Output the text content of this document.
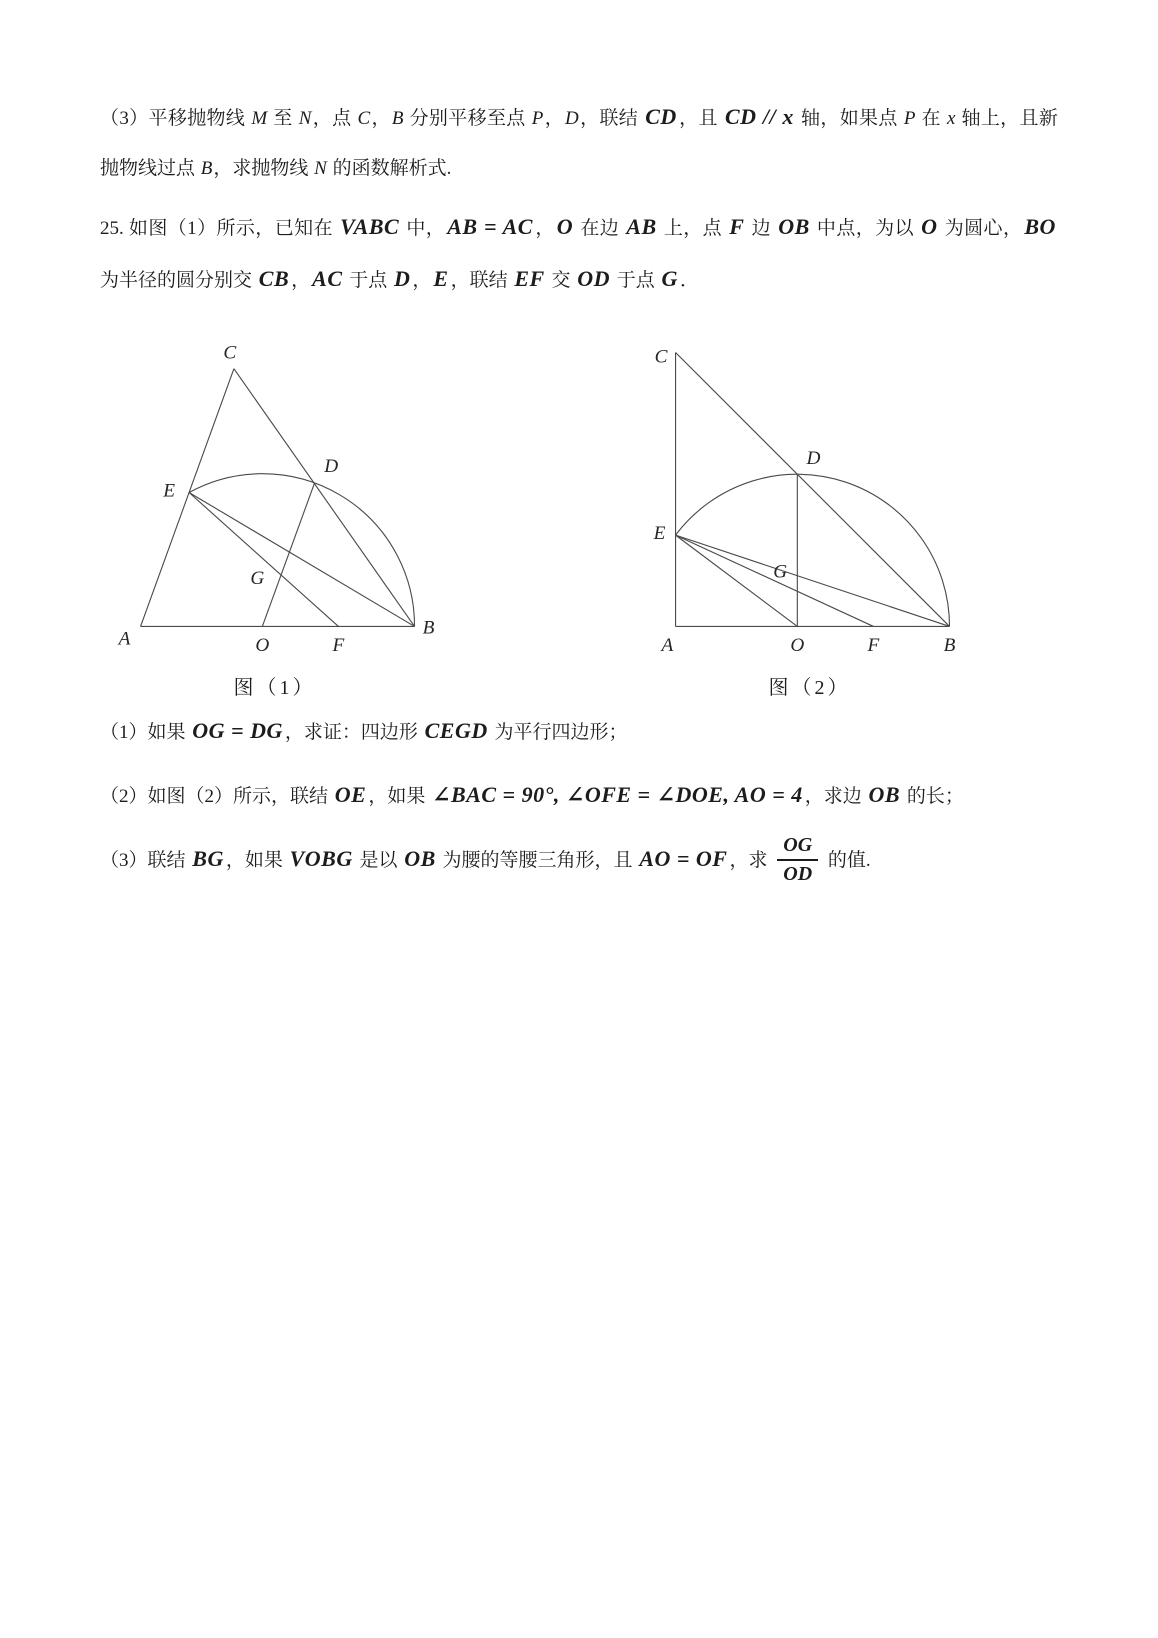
（3）平移抛物线 M 至 N，点 C，B 分别平移至点 P，D，联结 CD ，且 CD // x 轴，如果点 P 在 x 轴上，且新抛物线过点 B，求抛物线 N 的函数解析式.

25. 如图（1）所示，已知在 VABC 中，AB = AC ，O 在边 AB 上，点 F 边 OB 中点，为以 O 为圆心，BO 为半径的圆分别交 CB ，AC 于点 D ，E ，联结 EF 交 OD 于点 G ．

C
D
E
G
A	O	F
B
图（1）
C
D
E
G
A	O	F	B
图（2）

（1）如果 OG = DG ，求证：四边形 CEGD 为平行四边形；

（2）如图（2）所示，联结 OE ，如果 ∠BAC = 90°, ∠OFE = ∠DOE, AO = 4 ，求边 OB 的长；

（3）联结 BG ，如果 VOBG 是以 OB 为腰的等腰三角形，且 AO = OF ，求 $\frac{OG}{OD}$ 的值.
